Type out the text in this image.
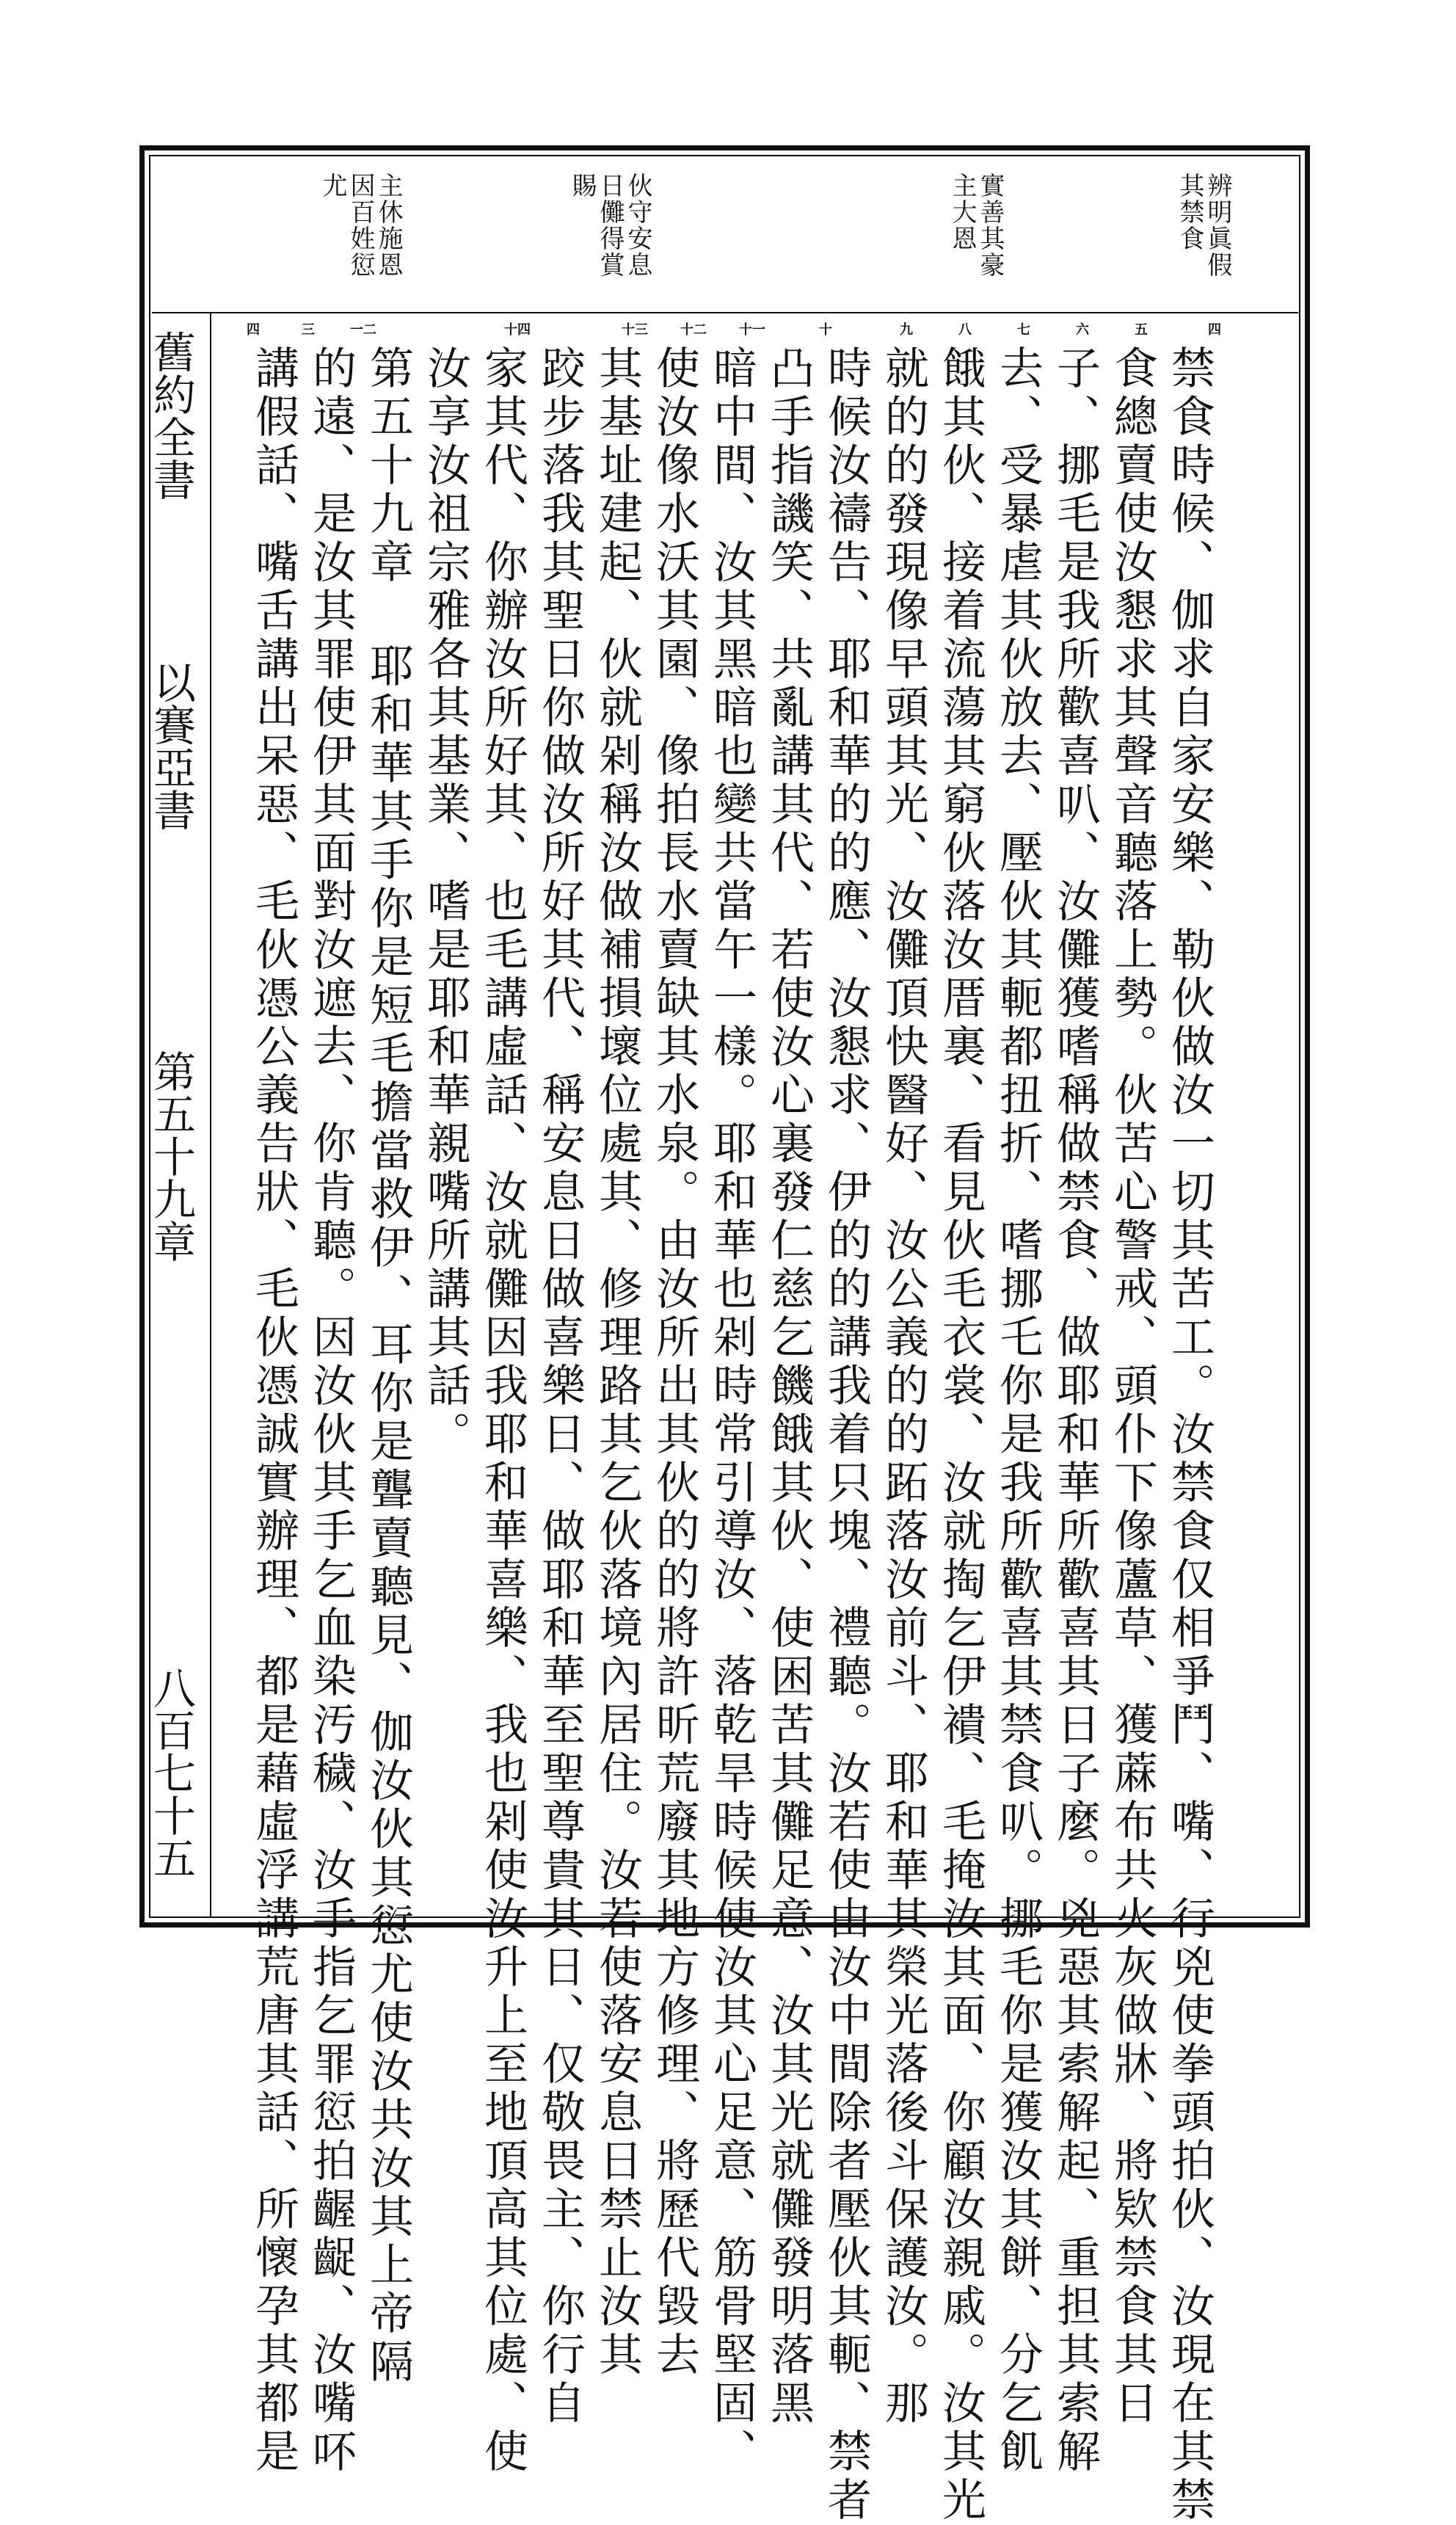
舊約全書
以賽亞書
第五十九章
八百七十五
辨明眞假
其禁食
實善其豪
主大恩
伙守安息
日儺得賞
賜
主休施恩
因百姓愆
尤
四
五
六
七
八
九
十
十一
十二
十三
十四
一二
三
四
禁食時候、伽求自家安樂、勒伙做汝一切其苦工。汝禁食仅相爭鬥、嘴、行兇使拳頭拍伙、汝現在其禁
食總賣使汝懇求其聲音聽落上勢。伙苦心警戒、頭仆下像蘆草、獲蔴布共火灰做牀、將欵禁食其日
子、挪毛是我所歡喜叭、汝儺獲嗜稱做禁食、做耶和華所歡喜其日子麼。兇惡其索解起、重担其索解
去、受暴虐其伙放去、壓伙其軛都扭折、嗜挪乇你是我所歡喜其禁食叭。挪毛你是獲汝其餅、分乞飢
餓其伙、接着流蕩其窮伙落汝厝裏、看見伙毛衣裳、汝就掏乞伊䙡、毛掩汝其面、你顧汝親戚。汝其光
就的的發現像早頭其光、汝儺頂快醫好、汝公義的的跖落汝前斗、耶和華其榮光落後斗保護汝。那
時候汝禱告、耶和華的的應、汝懇求、伊的的講我着只塊、禮聽。汝若使由汝中間除者壓伙其軛、禁者
凸手指譏笑、共亂講其代、若使汝心裏發仁慈乞饑餓其伙、使困苦其儺足意、汝其光就儺發明落黑
暗中間、汝其黑暗也變共當午一樣。耶和華也剁時常引導汝、落乾旱時候使汝其心足意、筋骨堅固、
使汝像水沃其園、像拍長水賣缺其水泉。由汝所出其伙的的將許昕荒廢其地方修理、將歷代毀去
其基址建起、伙就剁稱汝做補損壞位處其、修理路其乞伙落境內居住。汝若使落安息日禁止汝其
跤步落我其聖日你做汝所好其代、稱安息日做喜樂日、做耶和華至聖尊貴其日、仅敬畏主、你行自
家其代、你辦汝所好其、也毛講虛話、汝就儺因我耶和華喜樂、我也剁使汝升上至地頂高其位處、使
汝享汝祖宗雅各其基業、嗜是耶和華親嘴所講其話。
第五十九章 耶和華其手你是短毛擔當救伊、耳你是聾賣聽見、伽汝伙其愆尤使汝共汝其上帝隔
的遠、是汝其罪使伊其面對汝遮去、你肯聽。因汝伙其手乞血染汚穢、汝手指乞罪愆拍齷齪、汝嘴吥
講假話、嘴舌講出呆惡、毛伙憑公義告狀、毛伙憑誠實辦理、都是藉虛浮講荒唐其話、所懷孕其都是
